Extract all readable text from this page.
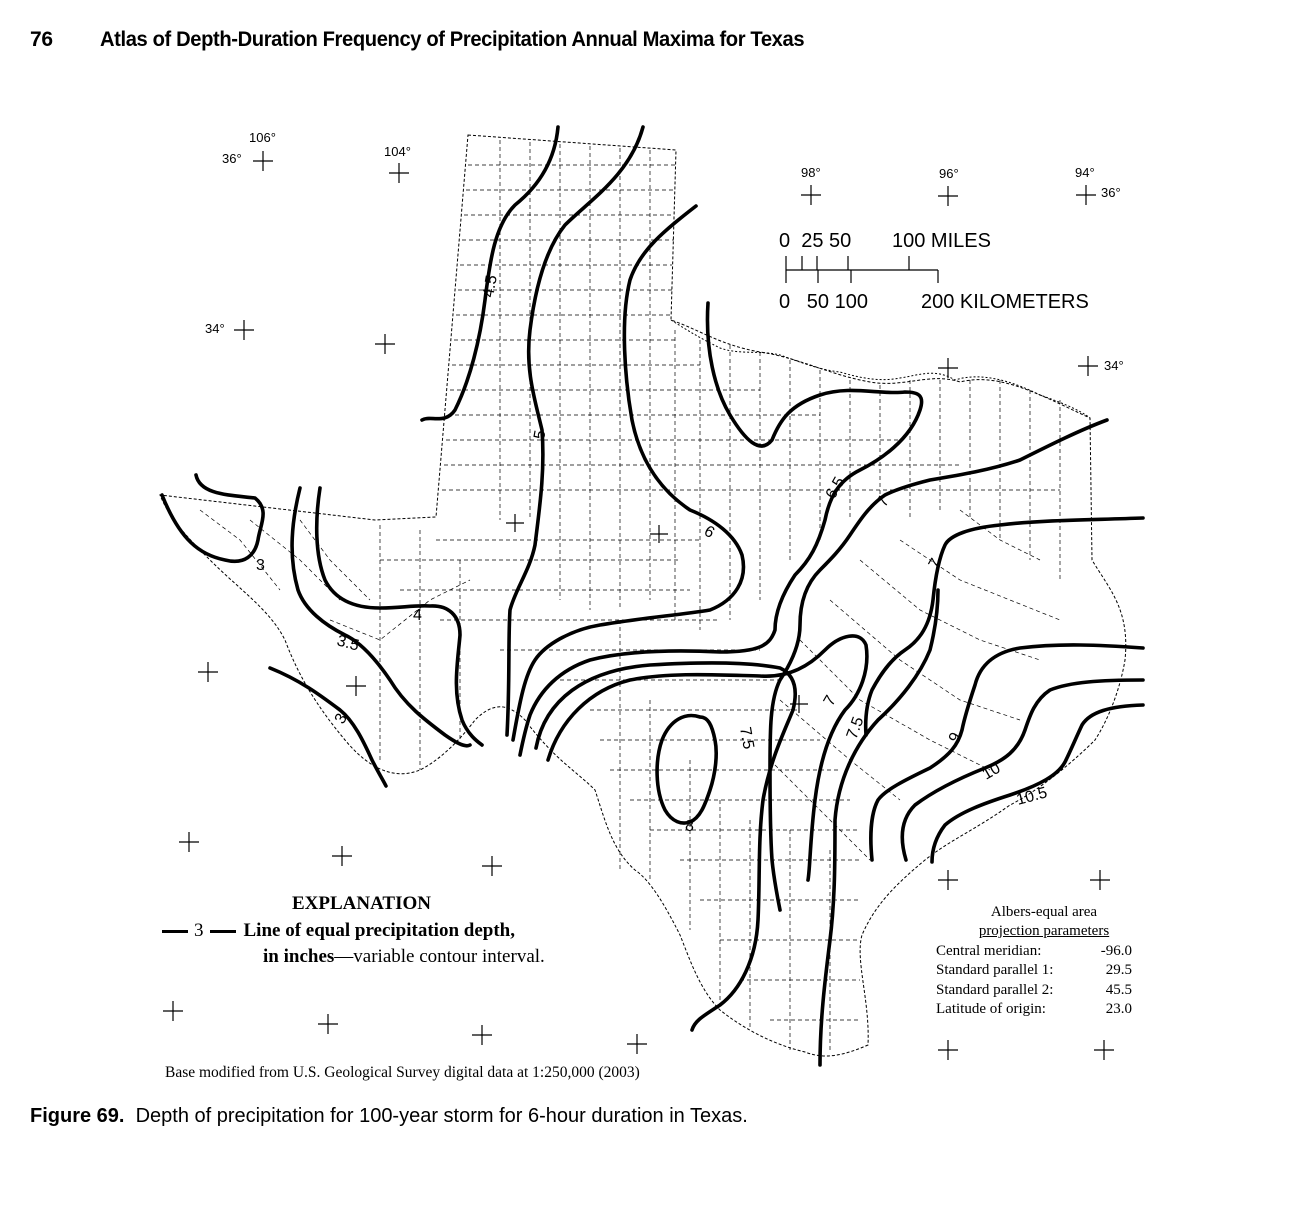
76 Atlas of Depth-Duration Frequency of Precipitation Annual Maxima for Texas
106°
36°	104°
98°	96°	94°
36°
34°
34°
0  25 50 100 MILES
0   50 100	200 KILOMETERS
3
3.5
3
4
4.5
5
6
6.5 7
7
7
7.5	7.5
8
9
10
10.5
EXPLANATION
3 Line of equal precipitation depth,
in inches—variable contour interval.
Albers-equal area
projection parameters
Central meridian:	-96.0
Standard parallel 1:	29.5
Standard parallel 2:	45.5
Latitude of origin:	23.0
Base modified from U.S. Geological Survey digital data at 1:250,000 (2003)
Figure 69. Depth of precipitation for 100-year storm for 6-hour duration in Texas.
